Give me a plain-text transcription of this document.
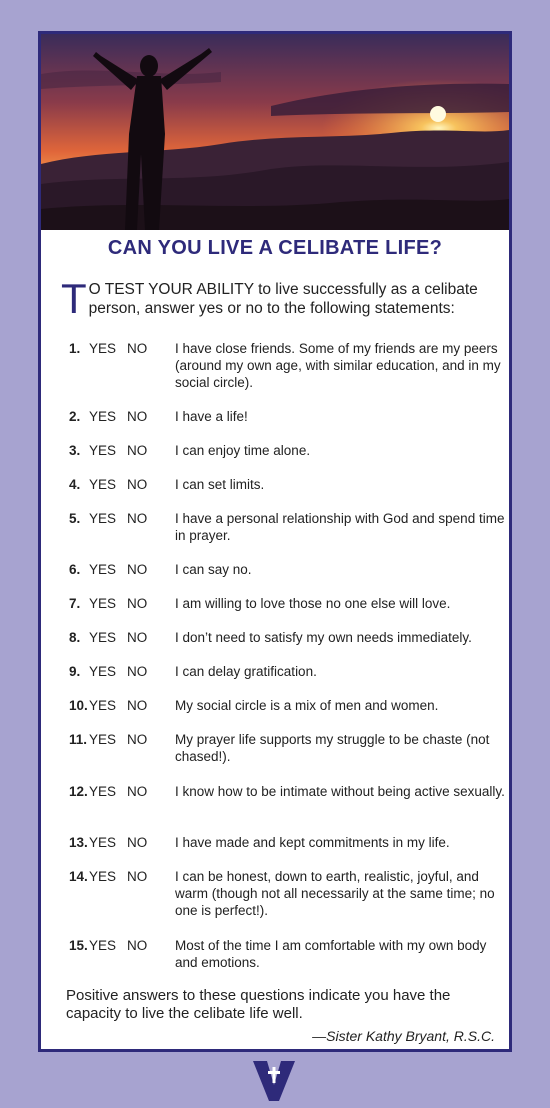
CAN YOU LIVE A CELIBATE LIFE?
T O TEST YOUR ABILITY to live successfully as a celibate person, answer yes or no to the following statements:
1. YES NO I have close friends. Some of my friends are my peers (around my own age, with similar education, and in my social circle).
2. YES NO I have a life!
3. YES NO I can enjoy time alone.
4. YES NO I can set limits.
5. YES NO I have a personal relationship with God and spend time in prayer.
6. YES NO I can say no.
7. YES NO I am willing to love those no one else will love.
8. YES NO I don’t need to satisfy my own needs immediately.
9. YES NO I can delay gratification.
10. YES NO My social circle is a mix of men and women.
11. YES NO My prayer life supports my struggle to be chaste (not chased!).
12. YES NO I know how to be intimate without being active sexually.
13. YES NO I have made and kept commitments in my life.
14. YES NO I can be honest, down to earth, realistic, joyful, and warm (though not all necessarily at the same time; no one is perfect!).
15. YES NO Most of the time I am comfortable with my own body and emotions.
Positive answers to these questions indicate you have the capacity to live the celibate life well.
—Sister Kathy Bryant, R.S.C.
